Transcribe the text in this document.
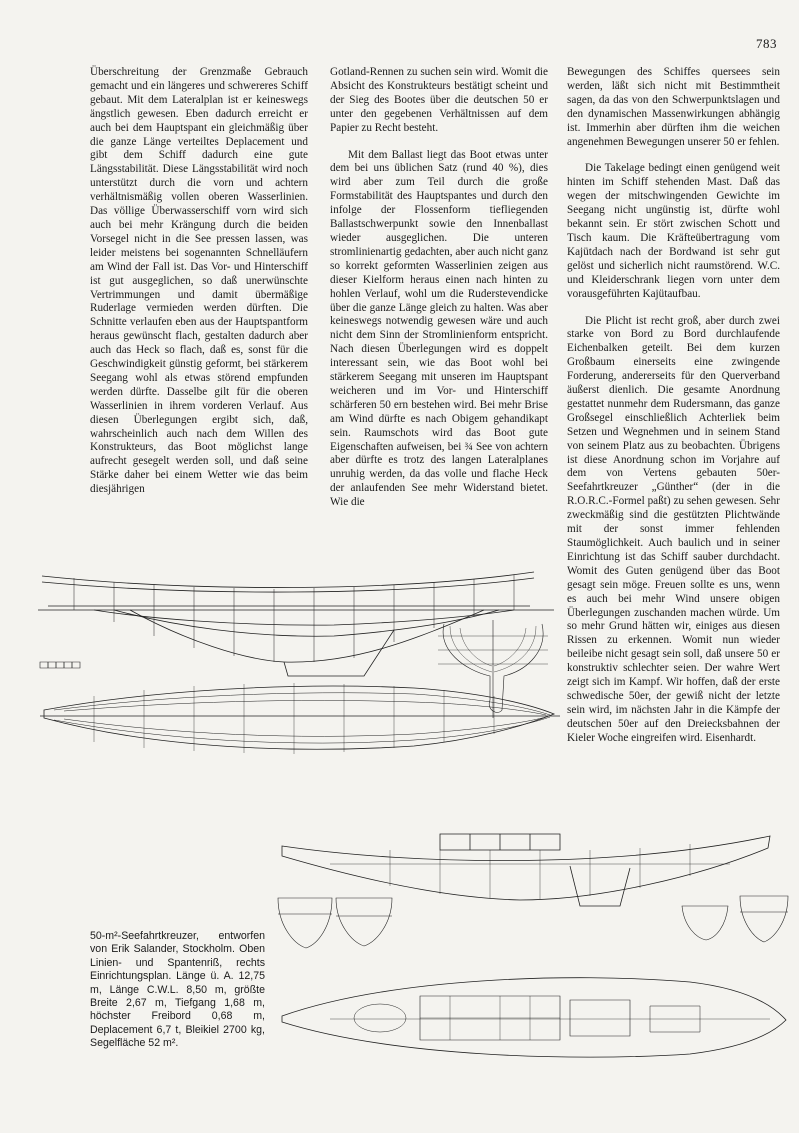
783

Überschreitung der Grenzmaße Gebrauch gemacht und ein längeres und schwereres Schiff gebaut. Mit dem Lateralplan ist er keineswegs ängstlich gewesen. Eben dadurch erreicht er auch bei dem Hauptspant ein gleichmäßig über die ganze Länge verteiltes Deplacement und gibt dem Schiff dadurch eine gute Längsstabilität. Diese Längsstabilität wird noch unterstützt durch die vorn und achtern verhältnismäßig vollen oberen Wasserlinien. Das völlige Überwasserschiff vorn wird sich auch bei mehr Krängung durch die beiden Vorsegel nicht in die See pressen lassen, was leider meistens bei sogenannten Schnelläufern am Wind der Fall ist. Das Vor- und Hinterschiff ist gut ausgeglichen, so daß unerwünschte Vertrimmungen und damit übermäßige Ruderlage vermieden werden dürften. Die Schnitte verlaufen eben aus der Hauptspantform heraus gewünscht flach, gestalten dadurch aber auch das Heck so flach, daß es, sonst für die Geschwindigkeit günstig geformt, bei stärkerem Seegang wohl als etwas störend empfunden werden dürfte. Dasselbe gilt für die oberen Wasserlinien in ihrem vorderen Verlauf. Aus diesen Überlegungen ergibt sich, daß, wahrscheinlich auch nach dem Willen des Konstrukteurs, das Boot möglichst lange aufrecht gesegelt werden soll, und daß seine Stärke daher bei einem Wetter wie das beim diesjährigen

Gotland-Rennen zu suchen sein wird. Womit die Absicht des Konstrukteurs bestätigt scheint und der Sieg des Bootes über die deutschen 50 er unter den gegebenen Verhältnissen auf dem Papier zu Recht besteht.

Mit dem Ballast liegt das Boot etwas unter dem bei uns üblichen Satz (rund 40 %), dies wird aber zum Teil durch die große Formstabilität des Hauptspantes und durch den infolge der Flossenform tiefliegenden Ballastschwerpunkt sowie den Innenballast wieder ausgeglichen. Die unteren stromlinienartig gedachten, aber auch nicht ganz so korrekt geformten Wasserlinien zeigen aus dieser Kielform heraus einen nach hinten zu hohlen Verlauf, wohl um die Ruderstevendicke über die ganze Länge gleich zu halten. Was aber keineswegs notwendig gewesen wäre und auch nicht dem Sinn der Stromlinienform entspricht. Nach diesen Überlegungen wird es doppelt interessant sein, wie das Boot wohl bei stärkerem Seegang mit unseren im Hauptspant weicheren und im Vor- und Hinterschiff schärferen 50 ern bestehen wird. Bei mehr Brise am Wind dürfte es nach Obigem gehandikapt sein. Raumschots wird das Boot gute Eigenschaften aufweisen, bei ¾ See von achtern aber dürfte es trotz des langen Lateralplanes unruhig werden, da das volle und flache Heck der anlaufenden See mehr Widerstand bietet. Wie die

Bewegungen des Schiffes quersees sein werden, läßt sich nicht mit Bestimmtheit sagen, da das von den Schwerpunktslagen und den dynamischen Massenwirkungen abhängig ist. Immerhin aber dürften ihm die weichen angenehmen Bewegungen unserer 50 er fehlen.

Die Takelage bedingt einen genügend weit hinten im Schiff stehenden Mast. Daß das wegen der mitschwingenden Gewichte im Seegang nicht ungünstig ist, dürfte wohl bekannt sein. Er stört zwischen Schott und Tisch kaum. Die Kräfteübertragung vom Kajütdach nach der Bordwand ist sehr gut gelöst und sicherlich nicht raumstörend. W.C. und Kleiderschrank liegen vorn unter dem vorausgeführten Kajütaufbau.

Die Plicht ist recht groß, aber durch zwei starke von Bord zu Bord durchlaufende Eichenbalken geteilt. Bei dem kurzen Großbaum einerseits eine zwingende Forderung, andererseits für den Querverband äußerst dienlich. Die gesamte Anordnung gestattet nunmehr dem Rudersmann, das ganze Großsegel einschließlich Achterliek beim Setzen und Wegnehmen und in seinem Stand von seinem Platz aus zu beobachten. Übrigens ist diese Anordnung schon im Vorjahre auf dem von Vertens gebauten 50er-Seefahrtkreuzer „Günther“ (der in die R.O.R.C.-Formel paßt) zu sehen gewesen. Sehr zweckmäßig sind die gestützten Plichtwände mit der sonst immer fehlenden Staumöglichkeit. Auch baulich und in seiner Einrichtung ist das Schiff sauber durchdacht. Womit des Guten genügend über das Boot gesagt sein möge. Freuen sollte es uns, wenn es auch bei mehr Wind unsere obigen Überlegungen zuschanden machen würde. Um so mehr Grund hätten wir, einiges aus diesen Rissen zu erkennen. Womit nun wieder beileibe nicht gesagt sein soll, daß unsere 50 er konstruktiv schlechter seien. Der wahre Wert zeigt sich im Kampf. Wir hoffen, daß der erste schwedische 50er, der gewiß nicht der letzte sein wird, im nächsten Jahr in die Kämpfe der deutschen 50er auf den Dreiecksbahnen der Kieler Woche eingreifen wird. Eisenhardt.

50-m²-Seefahrtkreuzer, entworfen von Erik Salander, Stockholm. Oben Linien- und Spantenriß, rechts Einrichtungsplan. Länge ü. A. 12,75 m, Länge C.W.L. 8,50 m, größte Breite 2,67 m, Tiefgang 1,68 m, höchster Freibord 0,68 m, Deplacement 6,7 t, Bleikiel 2700 kg, Segelfläche 52 m².
